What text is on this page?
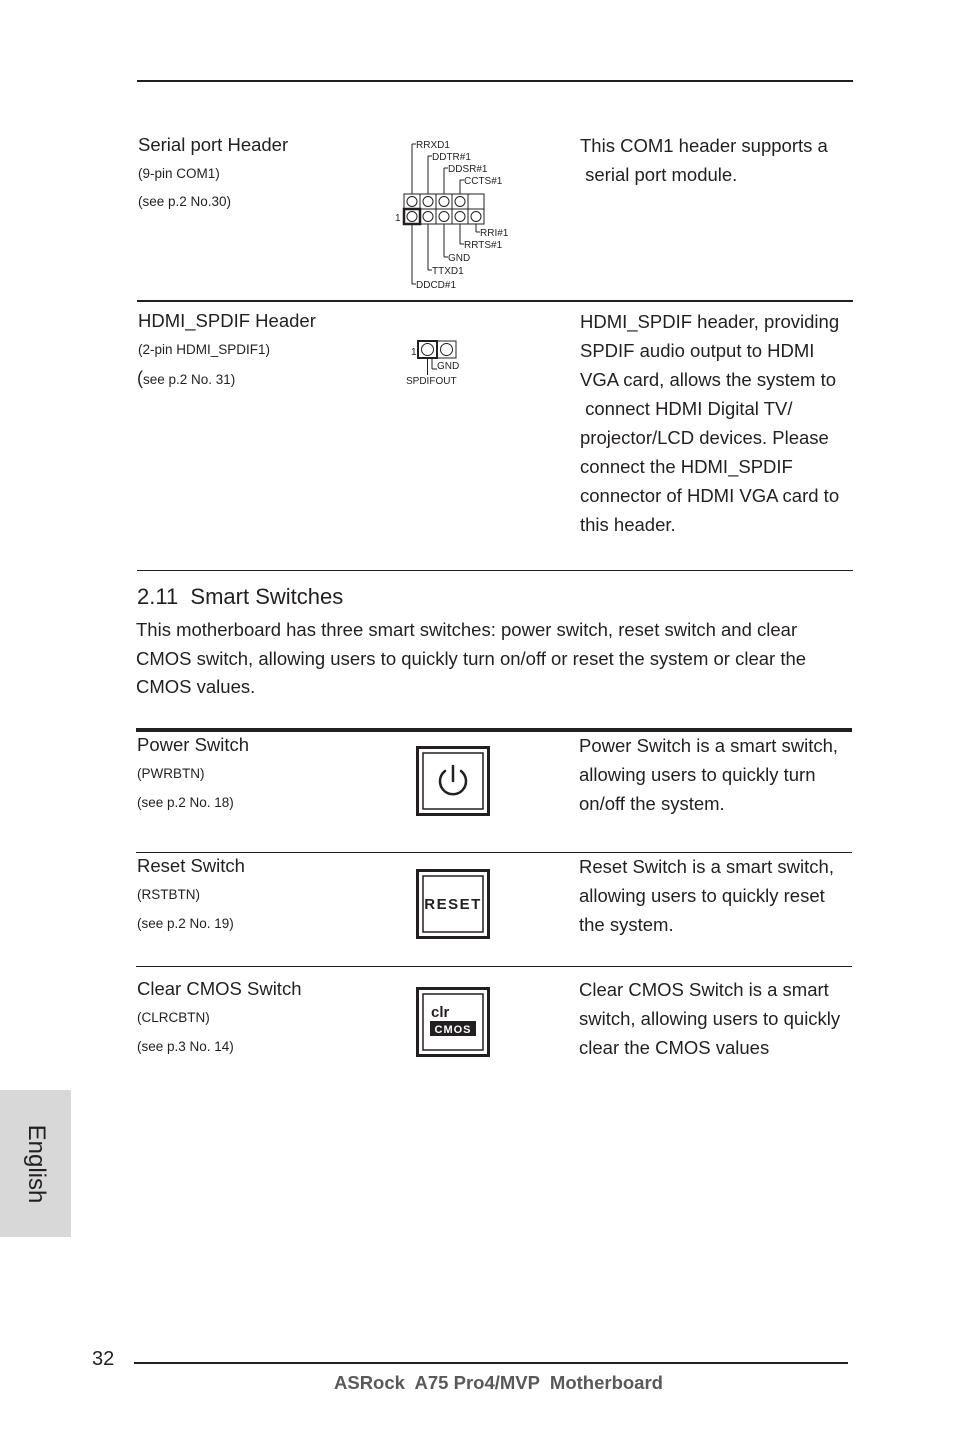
Serial port Header
(9-pin COM1)
(see p.2 No.30)
RRXD1
DDTR#1
DDSR#1
CCTS#1
RRI#1
RRTS#1
GND
TTXD1
DDCD#1
1
This COM1 header supports a
serial port module.
HDMI_SPDIF Header
(2-pin HDMI_SPDIF1)
(see p.2 No. 31)
1
GND
SPDIFOUT
HDMI_SPDIF header, providing
SPDIF audio output to HDMI
VGA card, allows the system to
connect HDMI Digital TV/
projector/LCD devices. Please
connect the HDMI_SPDIF
connector of HDMI VGA card to
this header.
2.11  Smart Switches
This motherboard has three smart switches: power switch, reset switch and clear
CMOS switch, allowing users to quickly turn on/off or reset the system or clear the
CMOS values.
Power Switch
(PWRBTN)
(see p.2 No. 18)
Power Switch is a smart switch,
allowing users to quickly turn
on/off the system.
Reset Switch
(RSTBTN)
(see p.2 No. 19)
RESET
Reset Switch is a smart switch,
allowing users to quickly reset
the system.
Clear CMOS Switch
(CLRCBTN)
(see p.3 No. 14)
clr
CMOS
Clear CMOS Switch is a smart
switch, allowing users to quickly
clear the CMOS values
English
32
ASRock  A75 Pro4/MVP  Motherboard
